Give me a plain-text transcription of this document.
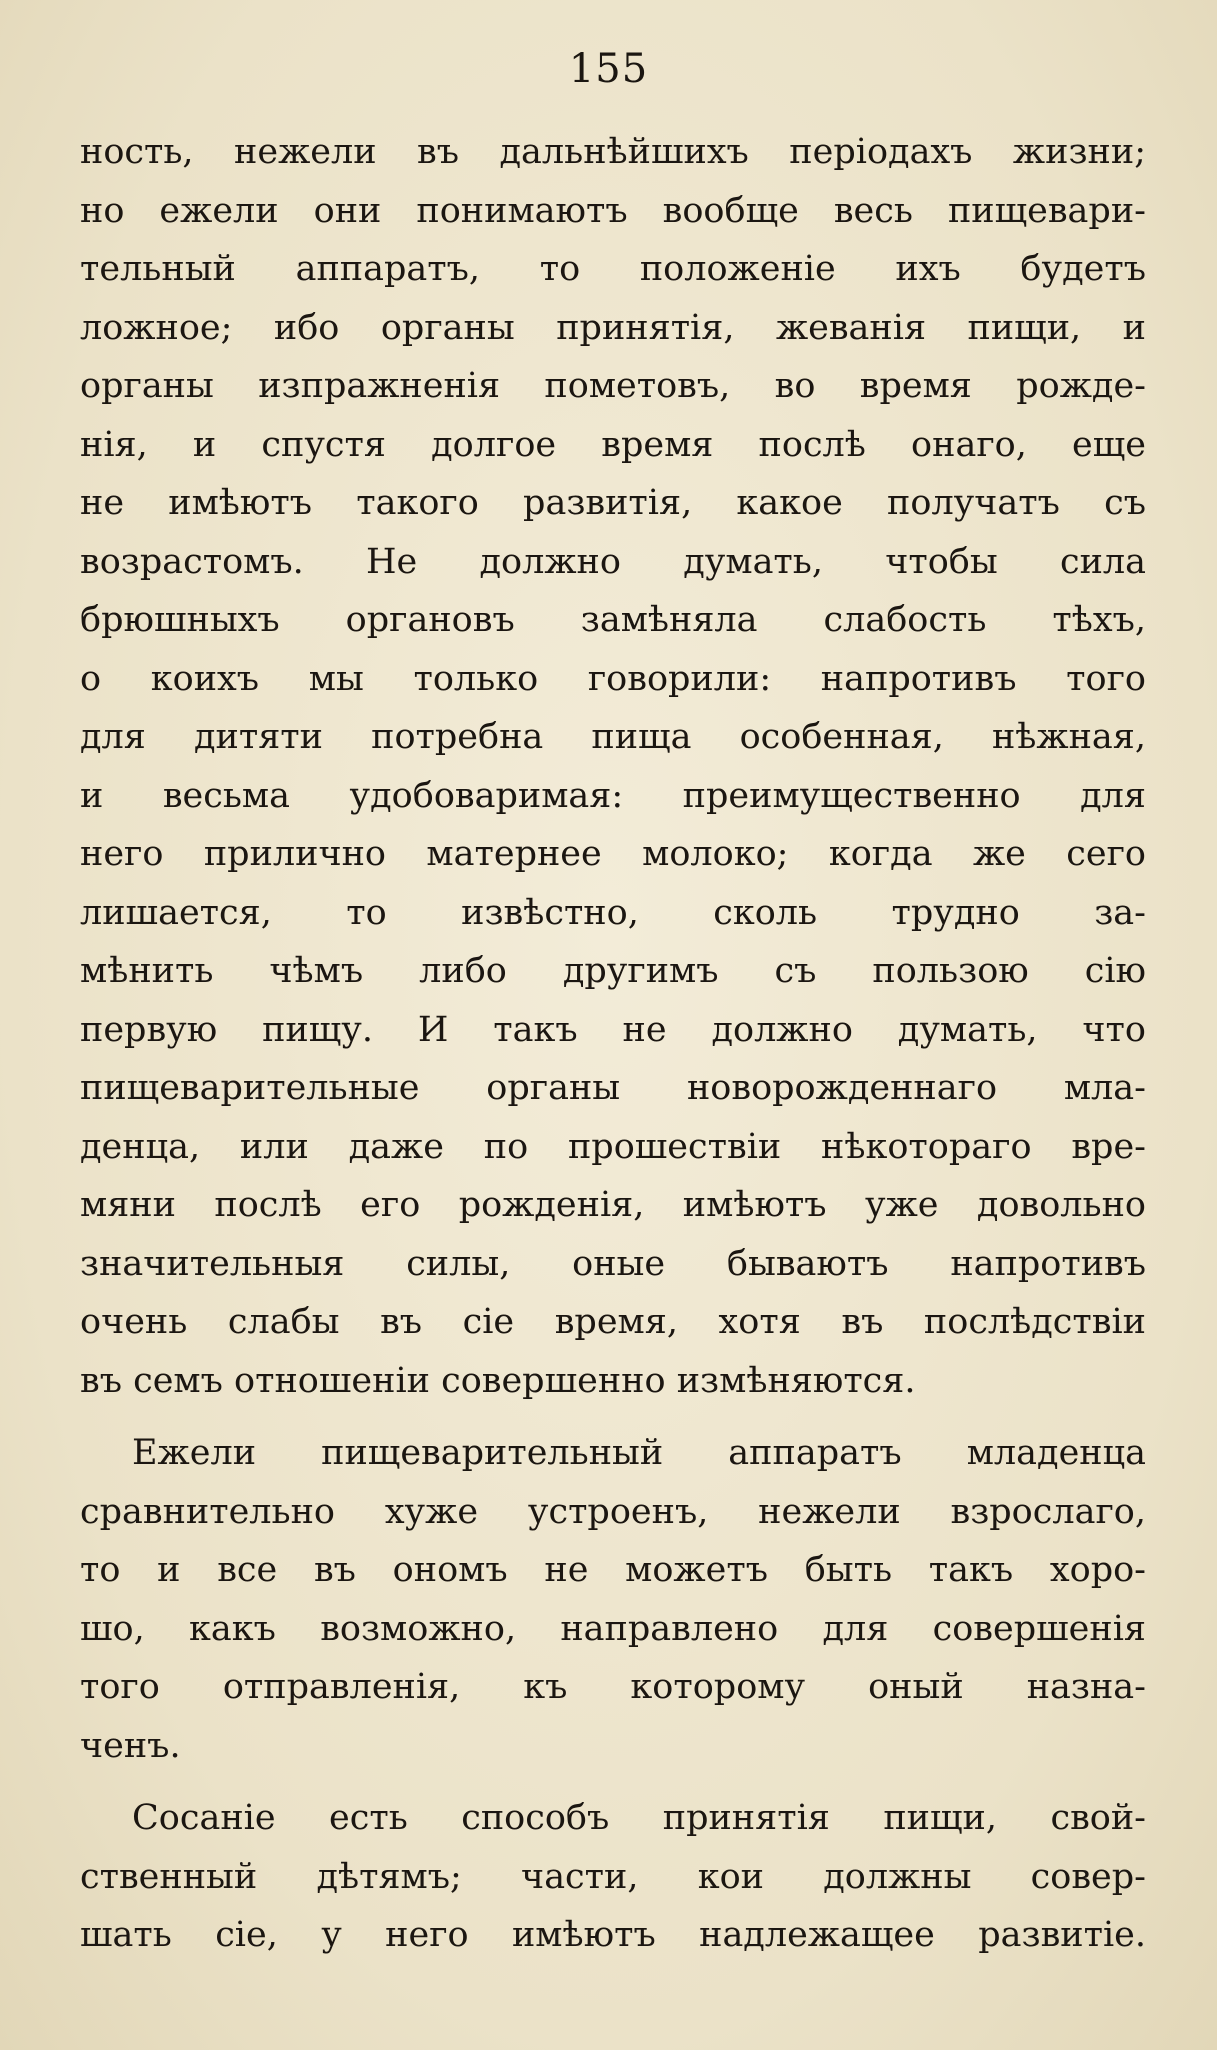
155
ность, нежели въ дальнѣйшихъ періодахъ жизни;
но ежели они понимаютъ вообще весь пищевари-
тельный аппаратъ, то положеніе ихъ будетъ
ложное; ибо органы принятія, жеванія пищи, и
органы изпражненія пометовъ, во время рожде-
нія, и спустя долгое время послѣ онаго, еще
не имѣютъ такого развитія, какое получатъ съ
возрастомъ. Не должно думать, чтобы сила
брюшныхъ органовъ замѣняла слабость тѣхъ,
о коихъ мы только говорили: напротивъ того
для дитяти потребна пища особенная, нѣжная,
и весьма удобоваримая: преимущественно для
него прилично матернее молоко; когда же сего
лишается, то извѣстно, сколь трудно за-
мѣнить чѣмъ либо другимъ съ пользою сію
первую пищу. И такъ не должно думать, что
пищеварительные органы новорожденнаго мла-
денца, или даже по прошествіи нѣкотораго вре-
мяни послѣ его рожденія, имѣютъ уже довольно
значительныя силы, оные бываютъ напротивъ
очень слабы въ сіе время, хотя въ послѣдствіи
въ семъ отношеніи совершенно измѣняются.
Ежели пищеварительный аппаратъ младенца
сравнительно хуже устроенъ, нежели взрослаго,
то и все въ ономъ не можетъ быть такъ хоро-
шо, какъ возможно, направлено для совершенія
того отправленія, къ которому оный назна-
ченъ.
Сосаніе есть способъ принятія пищи, свой-
ственный дѣтямъ; части, кои должны совер-
шать сіе, у него имѣютъ надлежащее развитіе.
